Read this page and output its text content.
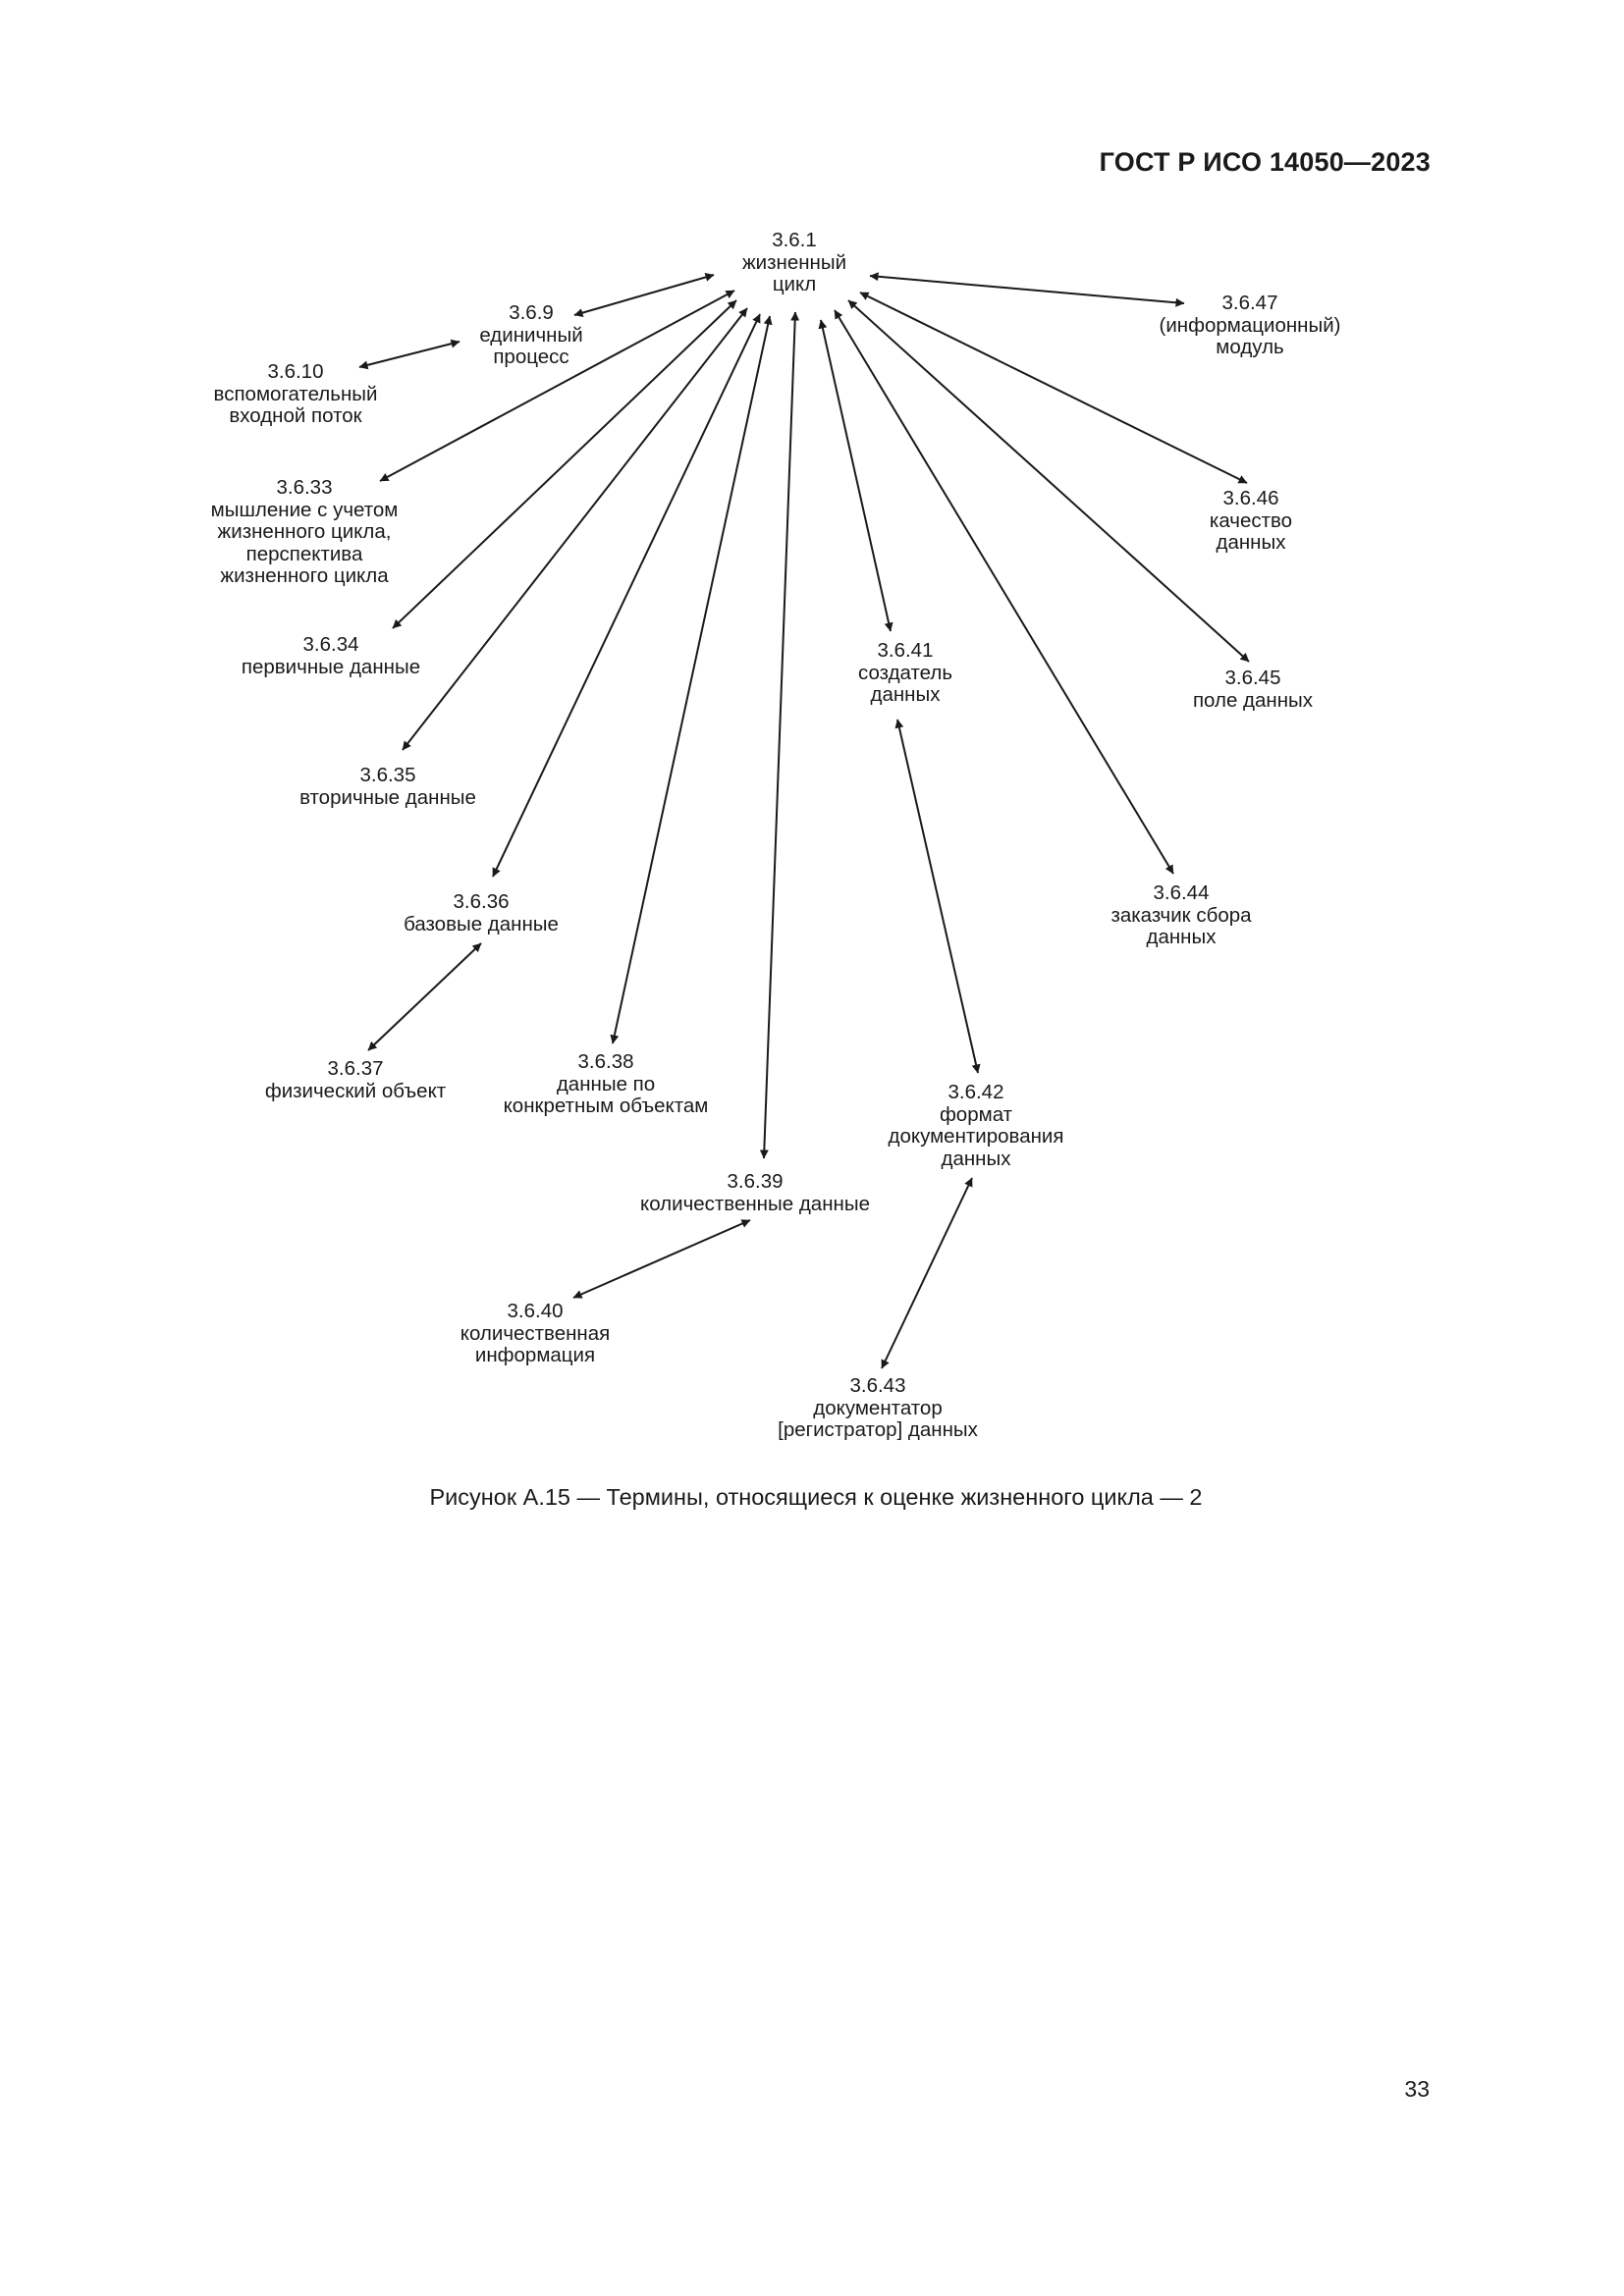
ГОСТ Р ИСО 14050—2023
3.6.1
жизненный
цикл
3.6.9
единичный
процесс
3.6.10
вспомогательный
входной поток
3.6.33
мышление с учетом
жизненного цикла,
перспектива
жизненного цикла
3.6.34
первичные данные
3.6.35
вторичные данные
3.6.36
базовые данные
3.6.37
физический объект
3.6.38
данные по
конкретным объектам
3.6.39
количественные данные
3.6.40
количественная
информация
3.6.41
создатель
данных
3.6.42
формат
документирования
данных
3.6.43
документатор
[регистратор] данных
3.6.44
заказчик сбора
данных
3.6.45
поле данных
3.6.46
качество
данных
3.6.47
(информационный)
модуль
Рисунок А.15 — Термины, относящиеся к оценке жизненного цикла — 2
33
